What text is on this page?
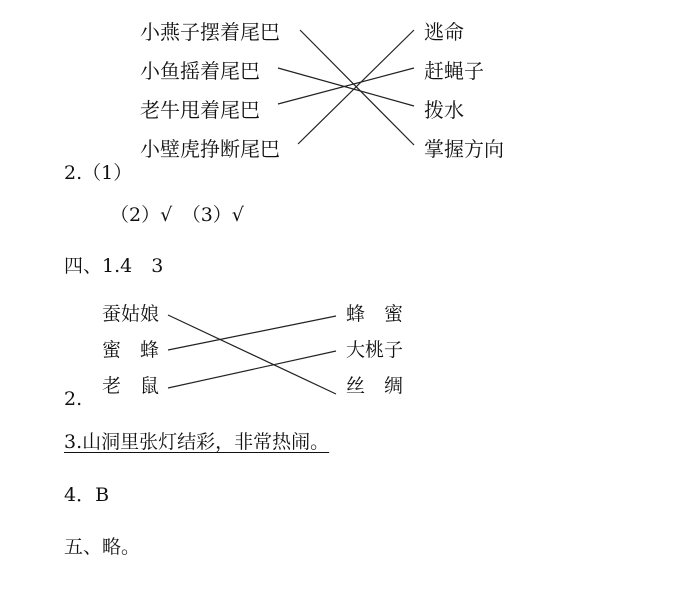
小燕子摆着尾巴
小鱼摇着尾巴
老牛甩着尾巴
小壁虎挣断尾巴
逃命
赶蝇子
拨水
掌握方向
2.（1）
（2）√　（3）√
四、1.4　3
蚕姑娘
蜜　蜂
老　鼠
蜂　蜜
大桃子
丝　绸
2.
3.山洞里张灯结彩，非常热闹。
4．B
五、略。
